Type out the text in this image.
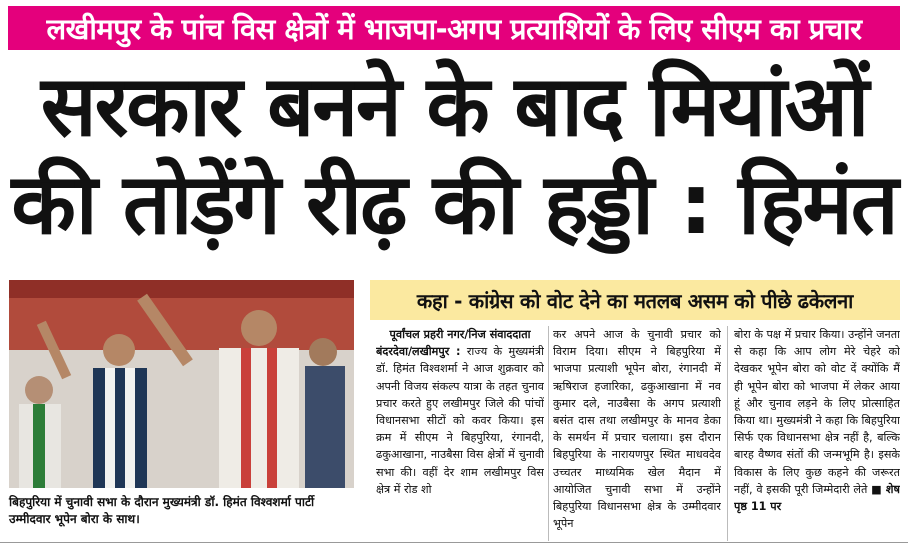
लखीमपुर के पांच विस क्षेत्रों में भाजपा-अगप प्रत्याशियों के लिए सीएम का प्रचार
सरकार बनने के बाद मियांओं
की तोड़ेंगे रीढ़ की हड्डी : हिमंत
बिहपुरिया में चुनावी सभा के दौरान मुख्यमंत्री डॉ. हिमंत विश्वशर्मा पार्टी उम्मीदवार भूपेन बोरा के साथ।
कहा - कांग्रेस को वोट देने का मतलब असम को पीछे ढकेलना
पूर्वांचल प्रहरी नगर/निज संवाददाता
बंदरदेवा/लखीमपुर : राज्य के मुख्यमंत्री डॉ. हिमंत विश्वशर्मा ने आज शुक्रवार को अपनी विजय संकल्प यात्रा के तहत चुनाव प्रचार करते हुए लखीमपुर जिले की पांचों विधानसभा सीटों को कवर किया। इस क्रम में सीएम ने बिहपुरिया, रंगानदी, ढकुआखाना, नाउबैसा विस क्षेत्रों में चुनावी सभा की। वहीं देर शाम लखीमपुर विस क्षेत्र में रोड शो
कर अपने आज के चुनावी प्रचार को विराम दिया। सीएम ने बिहपुरिया में भाजपा प्रत्याशी भूपेन बोरा, रंगानदी में ऋषिराज हजारिका, ढकुआखाना में नव कुमार दले, नाउबैसा के अगप प्रत्याशी बसंत दास तथा लखीमपुर के मानव डेका के समर्थन में प्रचार चलाया। इस दौरान बिहपुरिया के नारायणपुर स्थित माधवदेव उच्चतर माध्यमिक खेल मैदान में आयोजित चुनावी सभा में उन्होंने बिहपुरिया विधानसभा क्षेत्र के उम्मीदवार भूपेन
बोरा के पक्ष में प्रचार किया। उन्होंने जनता से कहा कि आप लोग मेरे चेहरे को देखकर भूपेन बोरा को वोट दें क्योंकि मैं ही भूपेन बोरा को भाजपा में लेकर आया हूं और चुनाव लड़ने के लिए प्रोत्साहित किया था। मुख्यमंत्री ने कहा कि बिहपुरिया सिर्फ एक विधानसभा क्षेत्र नहीं है, बल्कि बारह वैष्णव संतों की जन्मभूमि है। इसके विकास के लिए कुछ कहने की जरूरत नहीं, वे इसकी पूरी जिम्मेदारी लेते ■ शेष पृष्ठ 11 पर
